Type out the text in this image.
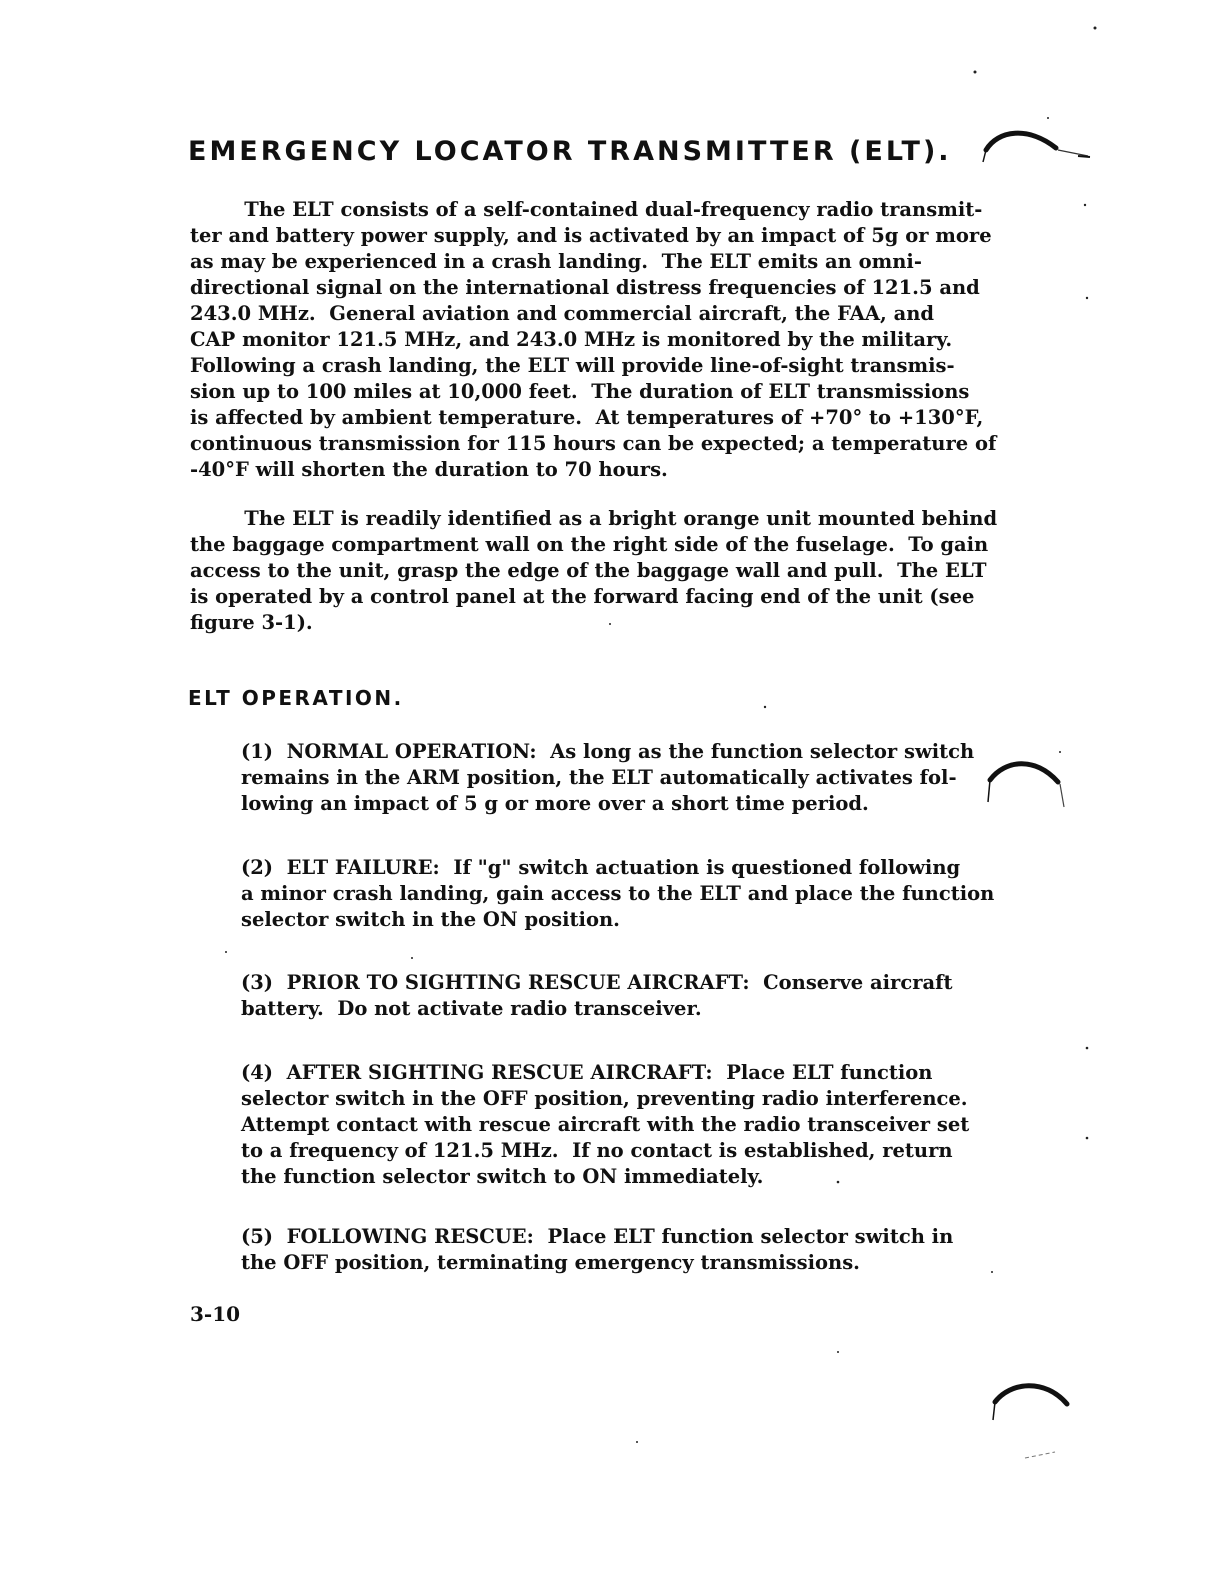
EMERGENCY LOCATOR TRANSMITTER (ELT).

The ELT consists of a self-contained dual-frequency radio transmit-
ter and battery power supply, and is activated by an impact of 5g or more
as may be experienced in a crash landing.  The ELT emits an omni-
directional signal on the international distress frequencies of 121.5 and
243.0 MHz.  General aviation and commercial aircraft, the FAA, and
CAP monitor 121.5 MHz, and 243.0 MHz is monitored by the military.
Following a crash landing, the ELT will provide line-of-sight transmis-
sion up to 100 miles at 10,000 feet.  The duration of ELT transmissions
is affected by ambient temperature.  At temperatures of +70° to +130°F,
continuous transmission for 115 hours can be expected; a temperature of
-40°F will shorten the duration to 70 hours.

The ELT is readily identified as a bright orange unit mounted behind
the baggage compartment wall on the right side of the fuselage.  To gain
access to the unit, grasp the edge of the baggage wall and pull.  The ELT
is operated by a control panel at the forward facing end of the unit (see
figure 3-1).

ELT OPERATION.

(1)  NORMAL OPERATION:  As long as the function selector switch
remains in the ARM position, the ELT automatically activates fol-
lowing an impact of 5 g or more over a short time period.

(2)  ELT FAILURE:  If "g" switch actuation is questioned following
a minor crash landing, gain access to the ELT and place the function
selector switch in the ON position.

(3)  PRIOR TO SIGHTING RESCUE AIRCRAFT:  Conserve aircraft
battery.  Do not activate radio transceiver.

(4)  AFTER SIGHTING RESCUE AIRCRAFT:  Place ELT function
selector switch in the OFF position, preventing radio interference.
Attempt contact with rescue aircraft with the radio transceiver set
to a frequency of 121.5 MHz.  If no contact is established, return
the function selector switch to ON immediately.

(5)  FOLLOWING RESCUE:  Place ELT function selector switch in
the OFF position, terminating emergency transmissions.

3-10
